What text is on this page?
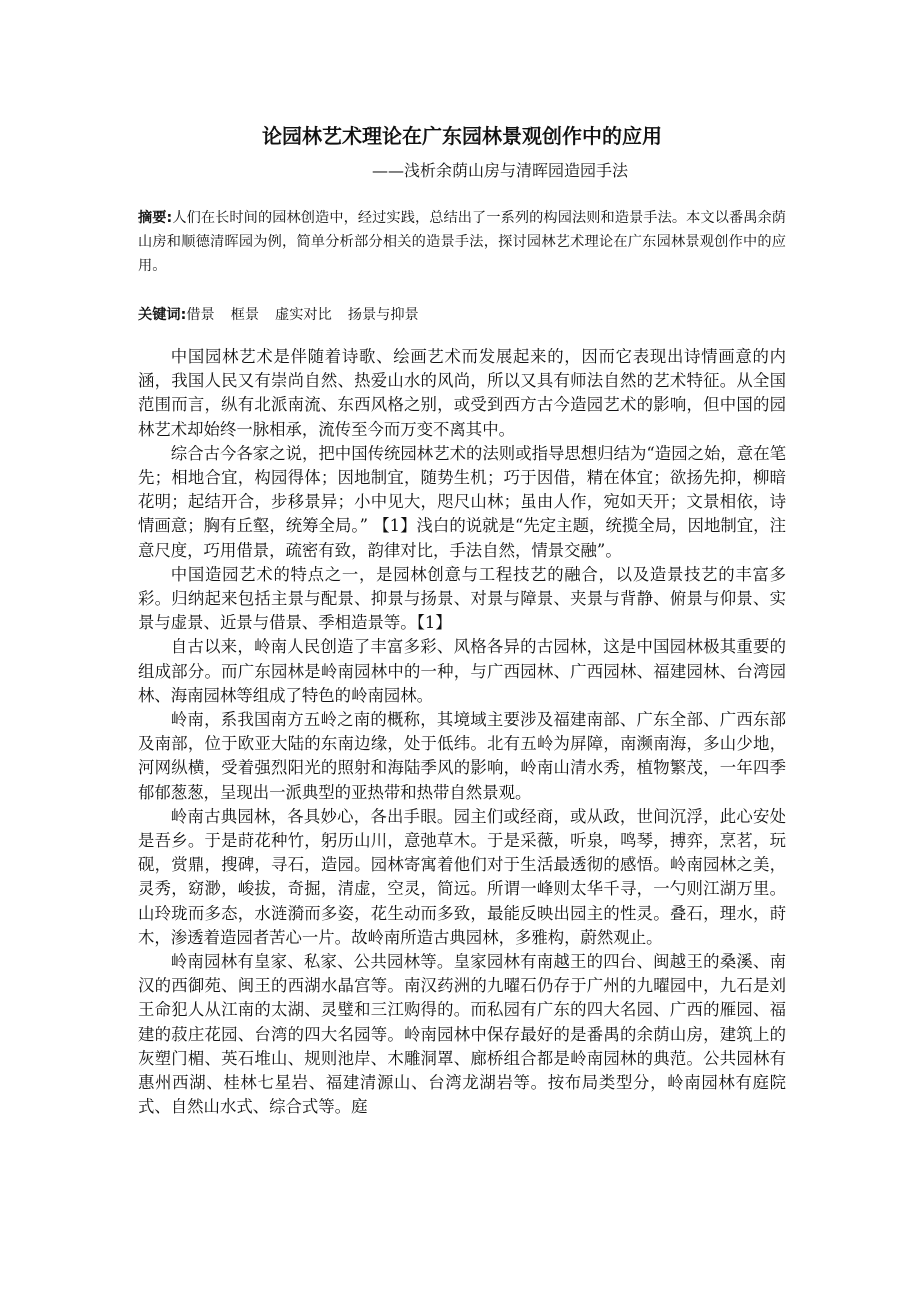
论园林艺术理论在广东园林景观创作中的应用

——浅析余荫山房与清晖园造园手法

摘要:人们在长时间的园林创造中，经过实践，总结出了一系列的构园法则和造景手法。本文以番禺余荫山房和顺德清晖园为例，简单分析部分相关的造景手法，探讨园林艺术理论在广东园林景观创作中的应用。

关键词:借景 框景 虚实对比 扬景与抑景

中国园林艺术是伴随着诗歌、绘画艺术而发展起来的，因而它表现出诗情画意的内涵，我国人民又有崇尚自然、热爱山水的风尚，所以又具有师法自然的艺术特征。从全国范围而言，纵有北派南流、东西风格之别，或受到西方古今造园艺术的影响，但中国的园林艺术却始终一脉相承，流传至今而万变不离其中。

综合古今各家之说，把中国传统园林艺术的法则或指导思想归结为“造园之始，意在笔先；相地合宜，构园得体；因地制宜，随势生机；巧于因借，精在体宜；欲扬先抑，柳暗花明；起结开合，步移景异；小中见大，咫尺山林；虽由人作，宛如天开；文景相依，诗情画意；胸有丘壑，统筹全局。” 【1】浅白的说就是“先定主题，统揽全局，因地制宜，注意尺度，巧用借景，疏密有致，韵律对比，手法自然，情景交融”。

中国造园艺术的特点之一，是园林创意与工程技艺的融合，以及造景技艺的丰富多彩。归纳起来包括主景与配景、抑景与扬景、对景与障景、夹景与背静、俯景与仰景、实景与虚景、近景与借景、季相造景等。【1】

自古以来，岭南人民创造了丰富多彩、风格各异的古园林，这是中国园林极其重要的组成部分。而广东园林是岭南园林中的一种，与广西园林、广西园林、福建园林、台湾园林、海南园林等组成了特色的岭南园林。

岭南，系我国南方五岭之南的概称，其境域主要涉及福建南部、广东全部、广西东部及南部，位于欧亚大陆的东南边缘，处于低纬。北有五岭为屏障，南濒南海，多山少地，河网纵横，受着强烈阳光的照射和海陆季风的影响，岭南山清水秀，植物繁茂，一年四季郁郁葱葱，呈现出一派典型的亚热带和热带自然景观。

岭南古典园林，各具妙心，各出手眼。园主们或经商，或从政，世间沉浮，此心安处是吾乡。于是莳花种竹，躬历山川，意弛草木。于是采薇，听泉，鸣琴，搏弈，烹茗，玩砚，赏鼎，搜碑，寻石，造园。园林寄寓着他们对于生活最透彻的感悟。岭南园林之美，灵秀，窈渺，峻拔，奇掘，清虚，空灵，简远。所谓一峰则太华千寻，一勺则江湖万里。山玲珑而多态，水涟漪而多姿，花生动而多致，最能反映出园主的性灵。叠石，理水，莳木，渗透着造园者苦心一片。故岭南所造古典园林，多雅构，蔚然观止。

岭南园林有皇家、私家、公共园林等。皇家园林有南越王的四台、闽越王的桑溪、南汉的西御苑、闽王的西湖水晶宫等。南汉药洲的九曜石仍存于广州的九曜园中，九石是刘王命犯人从江南的太湖、灵璧和三江购得的。而私园有广东的四大名园、广西的雁园、福建的菽庄花园、台湾的四大名园等。岭南园林中保存最好的是番禺的余荫山房，建筑上的灰塑门楣、英石堆山、规则池岸、木雕洞罩、廊桥组合都是岭南园林的典范。公共园林有惠州西湖、桂林七星岩、福建清源山、台湾龙湖岩等。按布局类型分，岭南园林有庭院式、自然山水式、综合式等。庭
